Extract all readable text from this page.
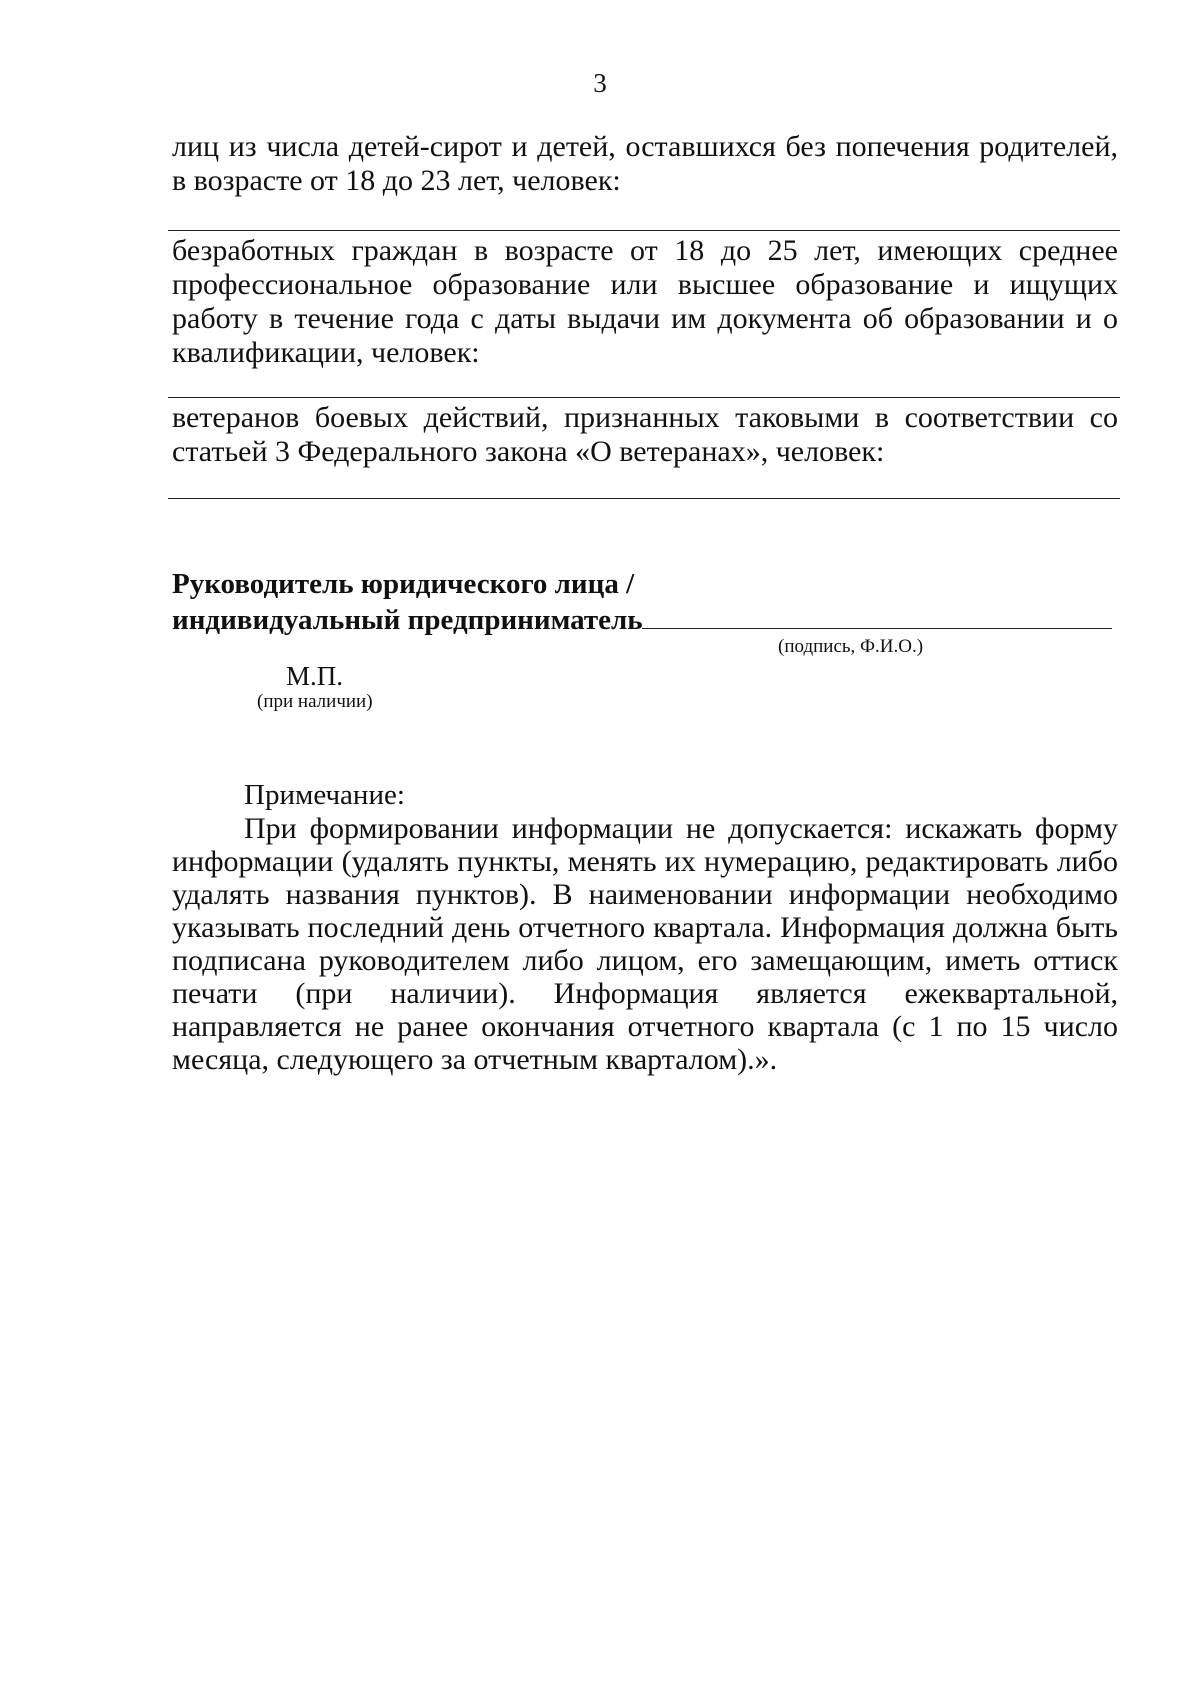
3

лиц из числа детей-сирот и детей, оставшихся без попечения родителей, в возрасте от 18 до 23 лет, человек:

безработных граждан в возрасте от 18 до 25 лет, имеющих среднее профессиональное образование или высшее образование и ищущих работу в течение года с даты выдачи им документа об образовании и о квалификации, человек:

ветеранов боевых действий, признанных таковыми в соответствии со статьей 3 Федерального закона «О ветеранах», человек:

Руководитель юридического лица /
индивидуальный предприниматель
(подпись, Ф.И.О.)
М.П.
(при наличии)
Примечание:

При формировании информации не допускается: искажать форму информации (удалять пункты, менять их нумерацию, редактировать либо удалять названия пунктов). В наименовании информации необходимо указывать последний день отчетного квартала. Информация должна быть подписана руководителем либо лицом, его замещающим, иметь оттиск печати (при наличии). Информация является ежеквартальной, направляется не ранее окончания отчетного квартала (с 1 по 15 число месяца, следующего за отчетным кварталом).».
